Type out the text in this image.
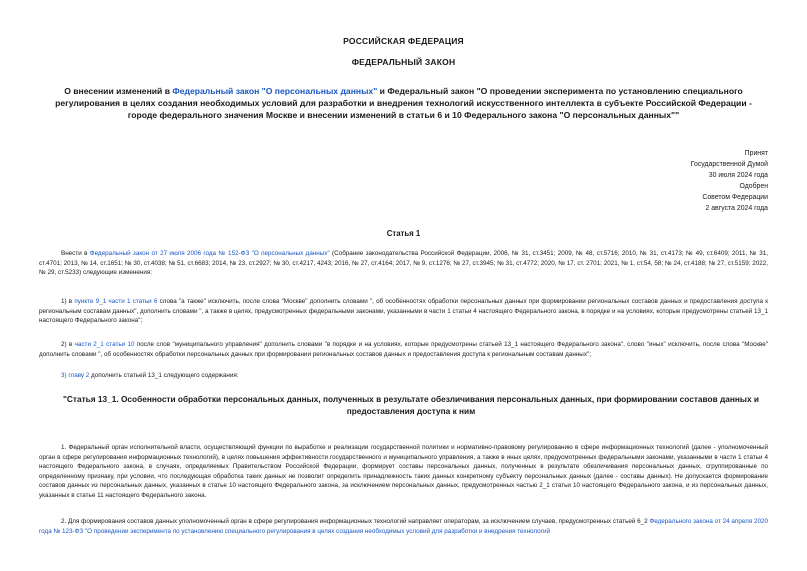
РОССИЙСКАЯ ФЕДЕРАЦИЯ
ФЕДЕРАЛЬНЫЙ ЗАКОН
О внесении изменений в Федеральный закон "О персональных данных" и Федеральный закон "О проведении эксперимента по установлению специального регулирования в целях создания необходимых условий для разработки и внедрения технологий искусственного интеллекта в субъекте Российской Федерации - городе федерального значения Москве и внесении изменений в статьи 6 и 10 Федерального закона "О персональных данных""
Принят
Государственной Думой
30 июля 2024 года
Одобрен
Советом Федерации
2 августа 2024 года
Статья 1
Внести в Федеральный закон от 27 июля 2006 года № 152-ФЗ "О персональных данных" (Собрание законодательства Российской Федерации, 2006, № 31, ст.3451; 2009, № 48, ст.5716; 2010, № 31, ст.4173; № 49, ст.6409; 2011, № 31, ст.4701; 2013, № 14, ст.1651; № 30, ст.4038; № 51, ст.6683; 2014, № 23, ст.2927; № 30, ст.4217, 4243; 2016, № 27, ст.4164; 2017, № 9, ст.1276; № 27, ст.3945; № 31, ст.4772; 2020, № 17, ст. 2701; 2021, № 1, ст.54, 58; № 24, ст.4188; № 27, ст.5159; 2022, № 29, ст.5233) следующие изменения:
1) в пункте 9_1 части 1 статьи 6 слова "а также" исключить, после слова "Москве" дополнить словами ", об особенностях обработки персональных данных при формировании региональных составов данных и предоставления доступа к региональным составам данных", дополнить словами ", а также в целях, предусмотренных федеральными законами, указанными в части 1 статьи 4 настоящего Федерального закона, в порядке и на условиях, которые предусмотрены статьей 13_1 настоящего Федерального закона";
2) в части 2_1 статьи 10 после слов "муниципального управления" дополнить словами "в порядке и на условиях, которые предусмотрены статьей 13_1 настоящего Федерального закона", слово "иных" исключить, после слова "Москве" дополнить словами ", об особенностях обработки персональных данных при формировании региональных составов данных и предоставления доступа к региональным составам данных";
3) главу 2 дополнить статьей 13_1 следующего содержания:
"Статья 13_1. Особенности обработки персональных данных, полученных в результате обезличивания персональных данных, при формировании составов данных и предоставления доступа к ним
1. Федеральный орган исполнительной власти, осуществляющий функции по выработке и реализации государственной политики и нормативно-правовому регулированию в сфере информационных технологий (далее - уполномоченный орган в сфере регулирования информационных технологий), в целях повышения эффективности государственного и муниципального управления, а также в иных целях, предусмотренных федеральными законами, указанными в части 1 статьи 4 настоящего Федерального закона, в случаях, определяемых Правительством Российской Федерации, формирует составы персональных данных, полученных в результате обезличивания персональных данных, сгруппированные по определенному признаку, при условии, что последующая обработка таких данных не позволит определить принадлежность таких данных конкретному субъекту персональных данных (далее - составы данных). Не допускается формирование составов данных из персональных данных, указанных в статье 10 настоящего Федерального закона, за исключением персональных данных, предусмотренных частью 2_1 статьи 10 настоящего Федерального закона, и из персональных данных, указанных в статье 11 настоящего Федерального закона.
2. Для формирования составов данных уполномоченный орган в сфере регулирования информационных технологий направляет операторам, за исключением случаев, предусмотренных статьей 6_2 Федерального закона от 24 апреля 2020 года № 123-ФЗ "О проведении эксперимента по установлению специального регулирования в целях создания необходимых условий для разработки и внедрения технологий
